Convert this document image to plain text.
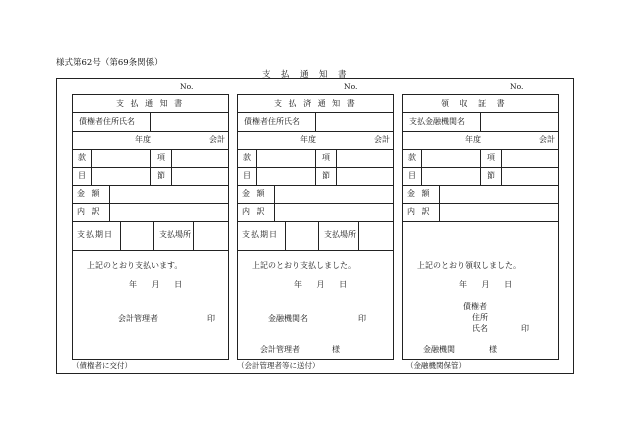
様式第62号（第69条関係）
支　払　通　知　書
No.	No.	No.
支 払 通 知 書
債権者住所氏名
年度	会計
款	項
目	節
金 額
内 訳
支払期日	支払場所
上記のとおり支払います。
年 月 日
会計管理者	印
（債権者に交付）
支 払 済 通 知 書
債権者住所氏名
年度	会計
款	項
目	節
金 額
内 訳
支払期日	支払場所
上記のとおり支払しました。
年 月 日
金融機関名	印
会計管理者	様
（会計管理者等に送付）
領 収 証 書
支払金融機関名
年度	会計
款	項
目	節
金 額
内 訳
上記のとおり領収しました。
年 月 日
債権者
住所
氏名	印
金融機関	様
（金融機関保管）
